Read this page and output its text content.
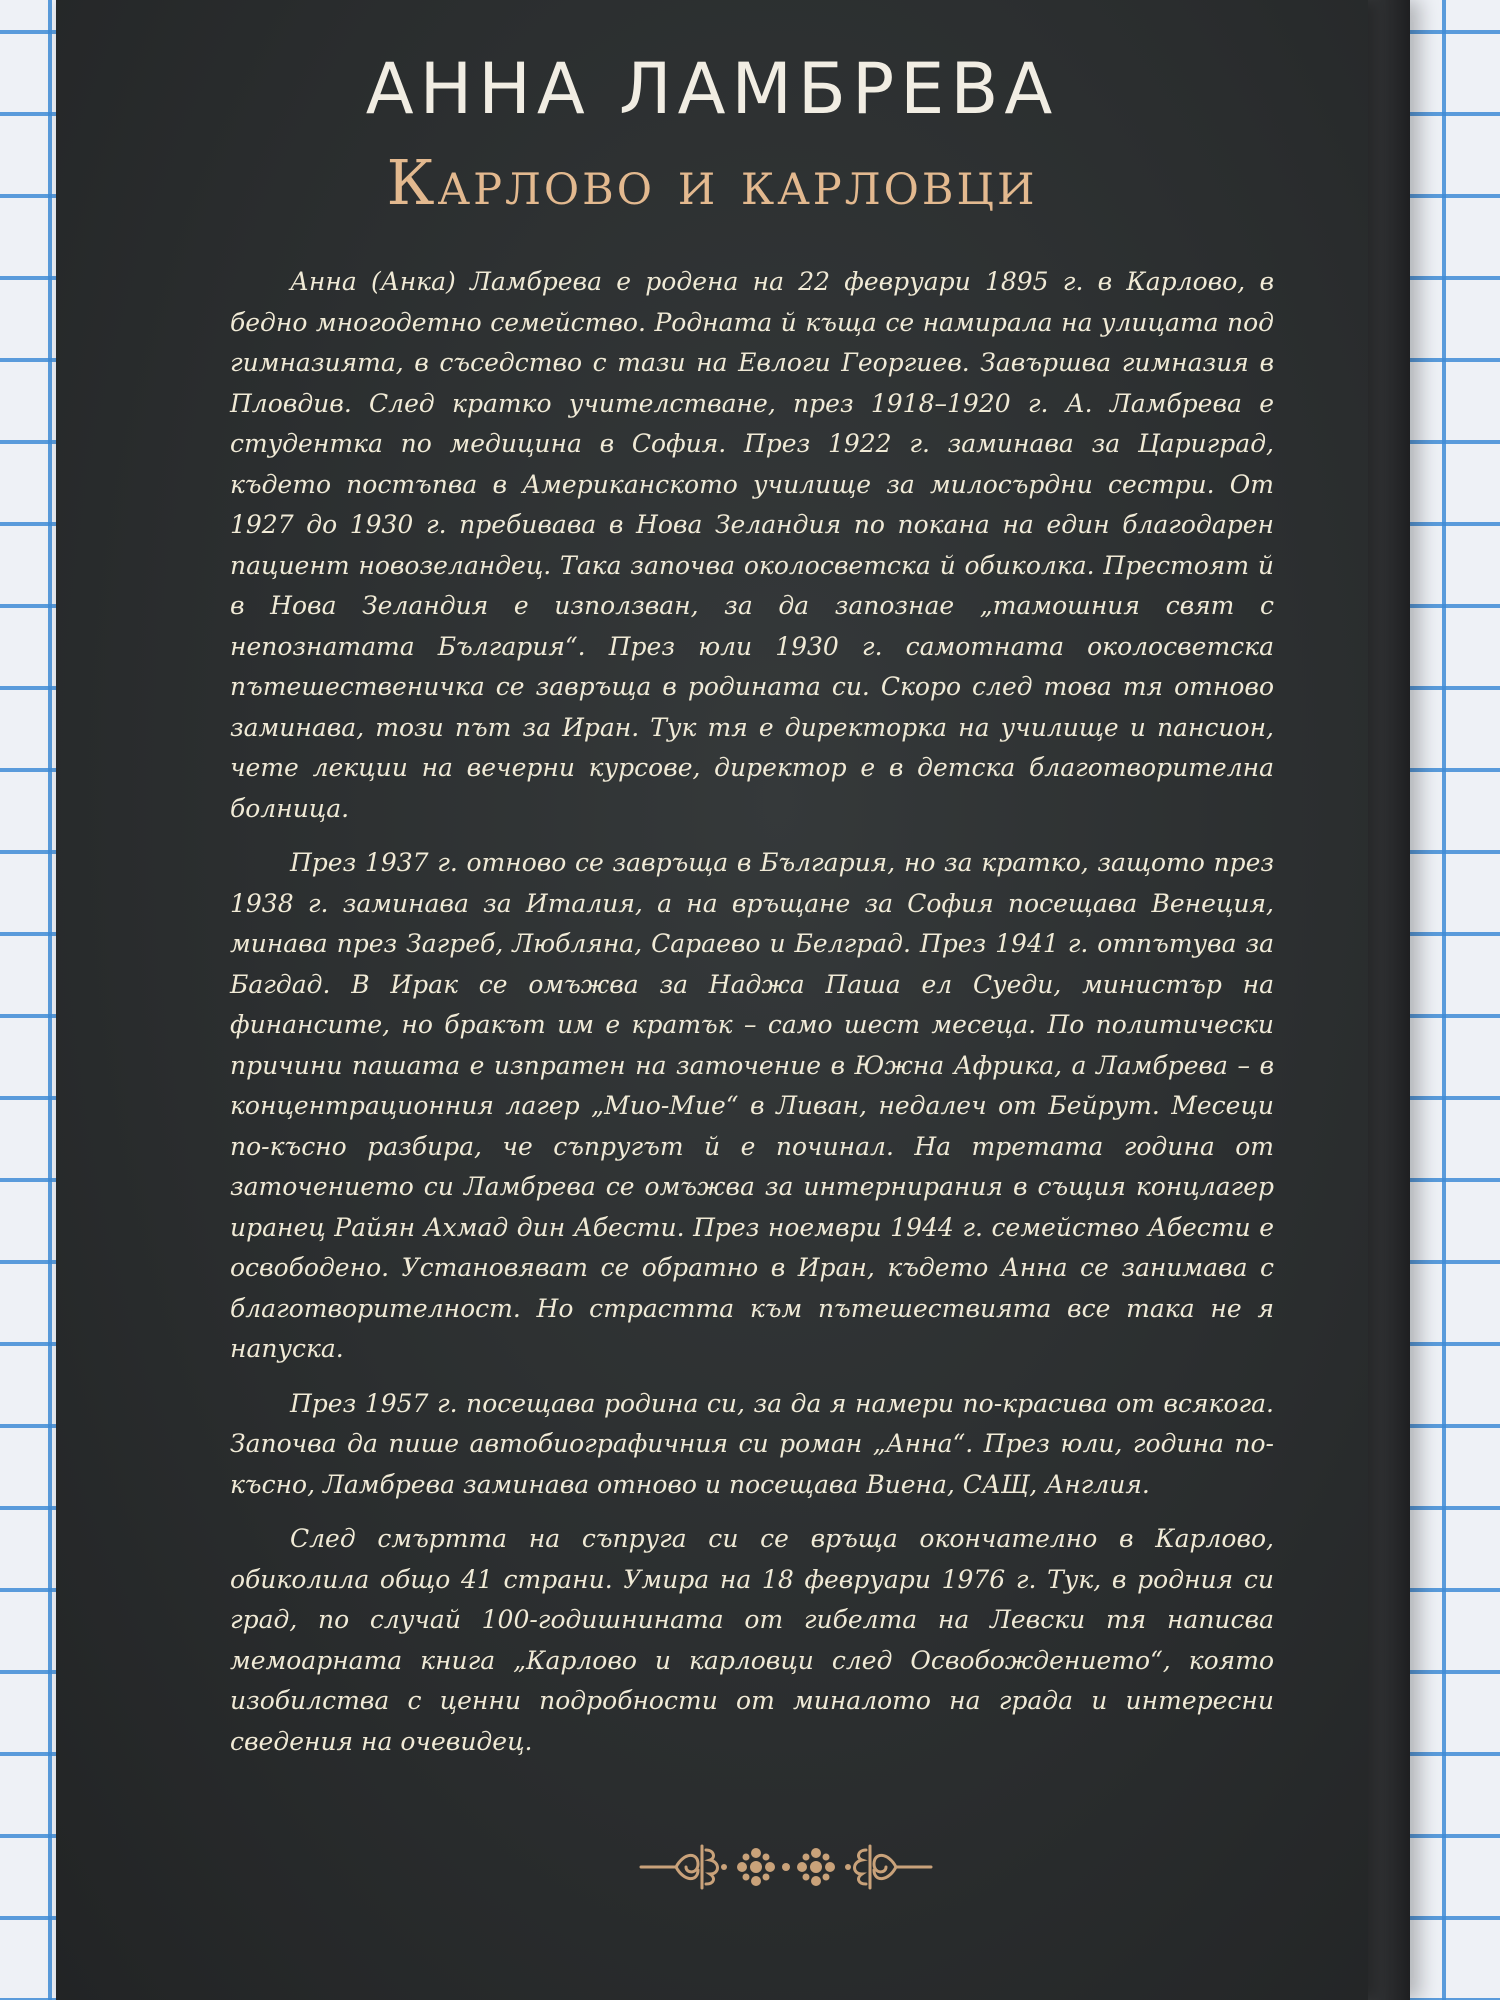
АННА ЛАМБРЕВА
Карлово и карловци

Анна (Анка) Ламбрева е родена на 22 февруари 1895 г. в Карлово, в бедно многодетно семейство. Родната й къща се намирала на улицата под гимназията, в съседство с тази на Евлоги Георгиев. Завършва гимназия в Пловдив. След кратко учителстване, през 1918–1920 г. А. Ламбрева е студентка по медицина в София. През 1922 г. заминава за Цариград, където постъпва в Американското училище за милосърдни сестри. От 1927 до 1930 г. пребивава в Нова Зеландия по покана на един благодарен пациент новозеландец. Така започва околосветска й обиколка. Престоят й в Нова Зеландия е използван, за да запознае „тамошния свят с непознатата България“. През юли 1930 г. самотната околосветска пътешественичка се завръща в родината си. Скоро след това тя отново заминава, този път за Иран. Тук тя е директорка на училище и пансион, чете лекции на вечерни курсове, директор е в детска благотворителна болница.

През 1937 г. отново се завръща в България, но за кратко, защото през 1938 г. заминава за Италия, а на връщане за София посещава Венеция, минава през Загреб, Любляна, Сараево и Белград. През 1941 г. отпътува за Багдад. В Ирак се омъжва за Наджа Паша ел Суеди, министър на финансите, но бракът им е кратък – само шест месеца. По политически причини пашата е изпратен на заточение в Южна Африка, а Ламбрева – в концентрационния лагер „Мио-Мие“ в Ливан, недалеч от Бейрут. Месеци по-късно разбира, че съпругът й е починал. На третата година от заточението си Ламбрева се омъжва за интернирания в същия концлагер иранец Райян Ахмад дин Абести. През ноември 1944 г. семейство Абести е освободено. Установяват се обратно в Иран, където Анна се занимава с благотворителност. Но страстта към пътешествията все така не я напуска.

През 1957 г. посещава родина си, за да я намери по-красива от всякога. Започва да пише автобиографичния си роман „Анна“. През юли, година по-късно, Ламбрева заминава отново и посещава Виена, САЩ, Англия.

След смъртта на съпруга си се връща окончателно в Карлово, обиколила общо 41 страни. Умира на 18 февруари 1976 г. Тук, в родния си град, по случай 100-годишнината от гибелта на Левски тя написва мемоарната книга „Карлово и карловци след Освобождението“, която изобилства с ценни подробности от миналото на града и интересни сведения на очевидец.
